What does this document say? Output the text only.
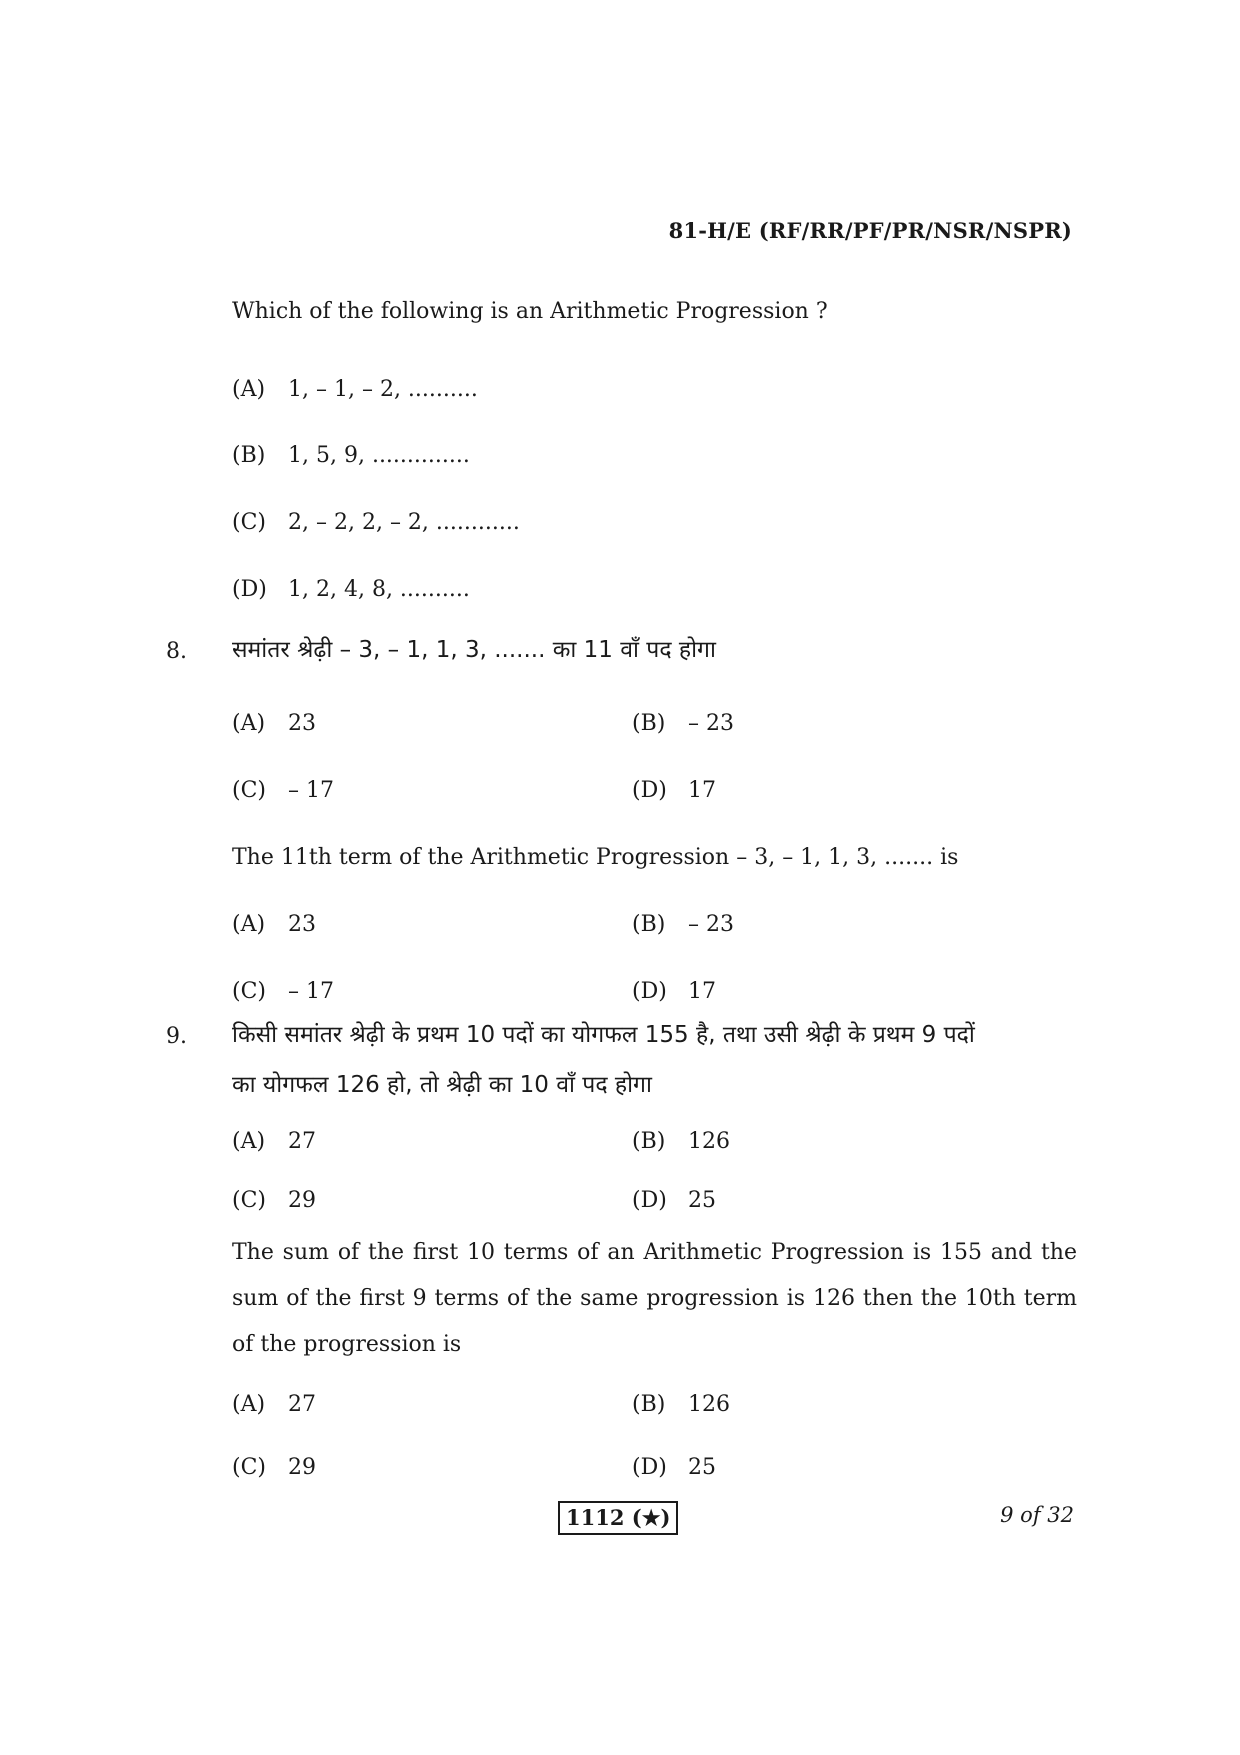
81-H/E (RF/RR/PF/PR/NSR/NSPR)
Which of the following is an Arithmetic Progression ?
(A) 1, – 1, – 2, ..........
(B) 1, 5, 9, ..............
(C) 2, – 2, 2, – 2, ............
(D) 1, 2, 4, 8, ..........
8. समांतर श्रेढ़ी – 3, – 1, 1, 3, ....... का 11 वाँ पद होगा
(A) 23	(B) – 23
(C) – 17	(D) 17
The 11th term of the Arithmetic Progression – 3, – 1, 1, 3, ....... is
(A) 23	(B) – 23
(C) – 17	(D) 17
9. किसी समांतर श्रेढ़ी के प्रथम 10 पदों का योगफल 155 है, तथा उसी श्रेढ़ी के प्रथम 9 पदों
का योगफल 126 हो, तो श्रेढ़ी का 10 वाँ पद होगा
(A) 27	(B) 126
(C) 29	(D) 25
The sum of the first 10 terms of an Arithmetic Progression is 155 and the sum of the first 9 terms of the same progression is 126 then the 10th term of the progression is
(A) 27	(B) 126
(C) 29	(D) 25
1112 (★)	9 of 32
